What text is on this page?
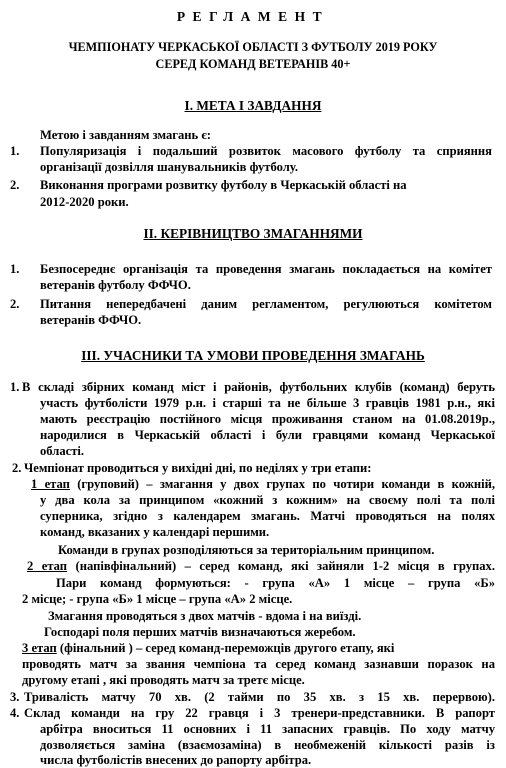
РЕГЛАМЕНТ
ЧЕМПІОНАТУ ЧЕРКАСЬКОЇ ОБЛАСТІ З ФУТБОЛУ 2019 РОКУ
СЕРЕД КОМАНД ВЕТЕРАНІВ 40+
I. МЕТА І ЗАВДАННЯ
Метою і завданням змагань є:
1. Популяризація і подальший розвиток масового футболу та сприяння
організації дозвілля шанувальників футболу.
2. Виконання програми розвитку футболу в Черкаській області на
2012-2020 роки.
ІІ. КЕРІВНИЦТВО ЗМАГАННЯМИ
1. Безпосереднє організація та проведення змагань покладається на комітет
ветеранів футболу ФФЧО.
2. Питання непередбачені даним регламентом, регулюються комітетом
ветеранів ФФЧО.
ІІІ. УЧАСНИКИ ТА УМОВИ ПРОВЕДЕННЯ ЗМАГАНЬ
1. В складі збірних команд міст і районів, футбольних клубів (команд) беруть
участь футболісти 1979 р.н. і старші та не більше 3 гравців 1981 р.н., які
мають реєстрацію постійного місця проживання станом на 01.08.2019р.,
народилися в Черкаській області і були гравцями команд Черкаської
області.
2. Чемпіонат проводиться у вихідні дні, по неділях у три етапи:
1 етап (груповий) – змагання у двох групах по чотири команди в кожній,
у два кола за принципом «кожний з кожним» на своєму полі та полі
суперника, згідно з календарем змагань. Матчі проводяться на полях
команд, вказаних у календарі першими.
Команди в групах розподіляються за територіальним принципом.
2 етап (напівфінальний) – серед команд, які зайняли 1-2 місця в групах.
Пари команд формуються: - група «А» 1 місце – група «Б»
2 місце; - група «Б» 1 місце – група «А» 2 місце.
Змагання проводяться з двох матчів - вдома і на виїзді.
Господарі поля перших матчів визначаються жеребом.
3 етап (фінальний ) – серед команд-переможців другого етапу, які
проводять матч за звання чемпіона та серед команд зазнавши поразок на
другому етапі , які проводять матч за третє місце.
3. Тривалість матчу 70 хв. (2 тайми по 35 хв. з 15 хв. перервою).
4. Склад команди на гру 22 гравця і 3 тренери-представники. В рапорт
арбітра вноситься 11 основних і 11 запасних гравців. По ходу матчу
дозволяється заміна (взаємозаміна) в необмеженій кількості разів із
числа футболістів внесених до рапорту арбітра.
